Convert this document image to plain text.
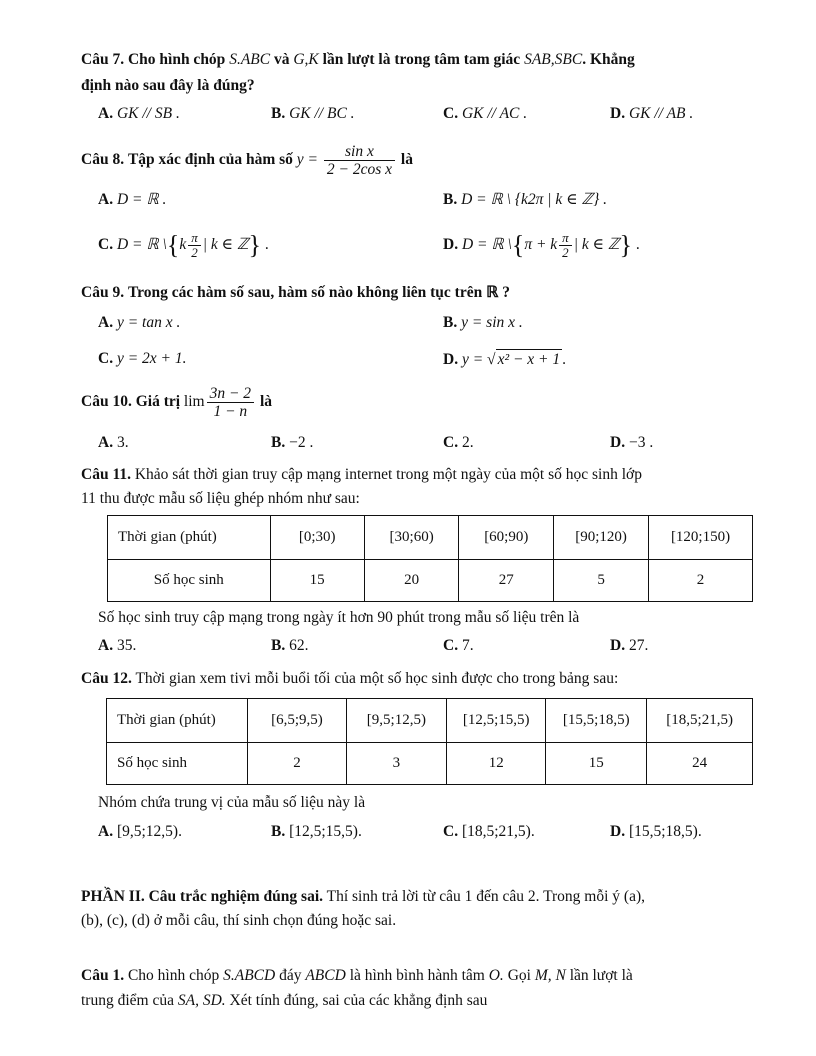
Câu 7. Cho hình chóp S.ABC và G,K lần lượt là trong tâm tam giác SAB,SBC. Khẳng
định nào sau đây là đúng?
A. GK // SB .	B. GK // BC .	C. GK // AC .	D. GK // AB .
Câu 8. Tập xác định của hàm số $y = \frac{\text{sin x}}{\text{2 − 2cos x}}$ là
A. D = ℝ .	B. D = ℝ \ {k2π | k ∈ ℤ} .
C. D = ℝ \{k $\frac{\pi}{2}$ | k ∈ ℤ} .	D. D = ℝ \{π + k $\frac{\pi}{2}$ | k ∈ ℤ} .
Câu 9. Trong các hàm số sau, hàm số nào không liên tục trên ℝ ?
A. y = tan x .	B. y = sin x .
C. y = 2x + 1.	D. y = √ x² − x + 1 .
Câu 10. Giá trị $\lim \frac{3n - 2}{1 - n}$ là
A. 3.	B. −2 .	C. 2.	D. −3 .
Câu 11. Khảo sát thời gian truy cập mạng internet trong một ngày của một số học sinh lớp
11 thu được mẫu số liệu ghép nhóm như sau:
Thời gian (phút)	[0;30)	[30;60)	[60;90)	[90;120)	[120;150)
Số học sinh	15	20	27	5	2
Số học sinh truy cập mạng trong ngày ít hơn 90 phút trong mẫu số liệu trên là
A. 35.	B. 62.	C. 7.	D. 27.
Câu 12. Thời gian xem tivi mỗi buổi tối của một số học sinh được cho trong bảng sau:
Thời gian (phút)	[6,5;9,5)	[9,5;12,5)	[12,5;15,5)	[15,5;18,5)	[18,5;21,5)
Số học sinh	2	3	12	15	24
Nhóm chứa trung vị của mẫu số liệu này là
A. [9,5;12,5).	B. [12,5;15,5).	C. [18,5;21,5).	D. [15,5;18,5).
PHẦN II. Câu trắc nghiệm đúng sai. Thí sinh trả lời từ câu 1 đến câu 2. Trong mỗi ý (a),
(b), (c), (d) ở mỗi câu, thí sinh chọn đúng hoặc sai.
Câu 1. Cho hình chóp S.ABCD đáy ABCD là hình bình hành tâm O. Gọi M, N lần lượt là
trung điểm của SA, SD. Xét tính đúng, sai của các khẳng định sau
